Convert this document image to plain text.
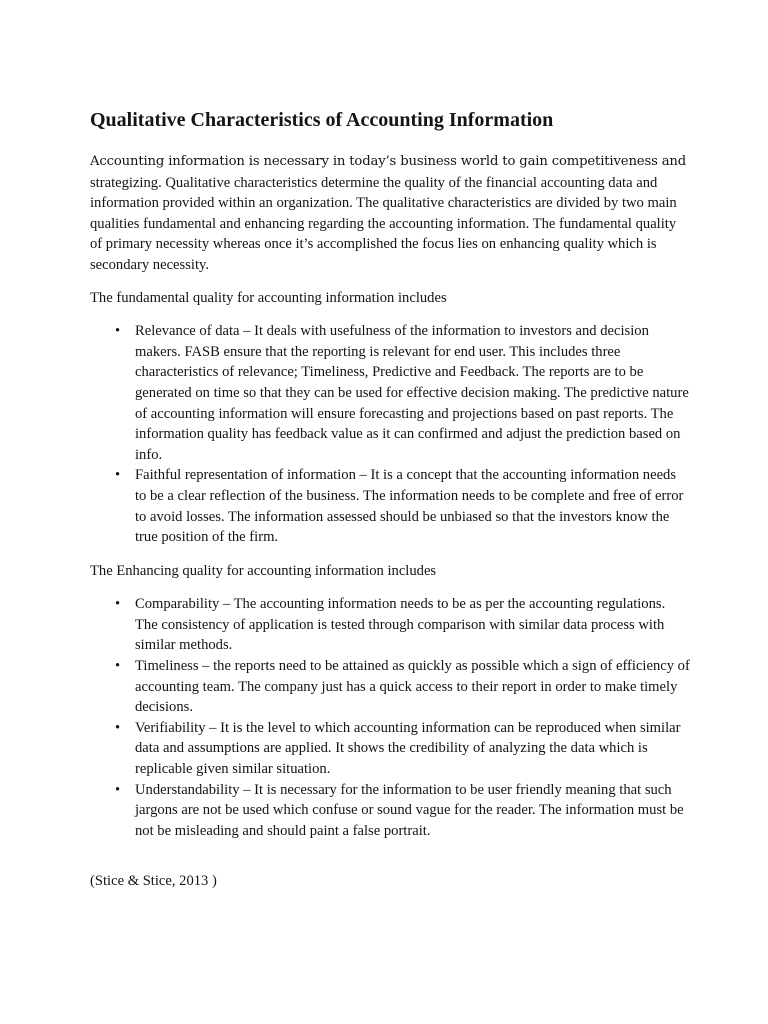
Qualitative Characteristics of Accounting Information

Accounting information is necessary in today’s business world to gain competitiveness and strategizing. Qualitative characteristics determine the quality of the financial accounting data and information provided within an organization. The qualitative characteristics are divided by two main qualities fundamental and enhancing regarding the accounting information. The fundamental quality of primary necessity whereas once it’s accomplished the focus lies on enhancing quality which is secondary necessity.

The fundamental quality for accounting information includes

• Relevance of data – It deals with usefulness of the information to investors and decision makers. FASB ensure that the reporting is relevant for end user. This includes three characteristics of relevance; Timeliness, Predictive and Feedback. The reports are to be generated on time so that they can be used for effective decision making. The predictive nature of accounting information will ensure forecasting and projections based on past reports. The information quality has feedback value as it can confirmed and adjust the prediction based on info.
• Faithful representation of information – It is a concept that the accounting information needs to be a clear reflection of the business. The information needs to be complete and free of error to avoid losses. The information assessed should be unbiased so that the investors know the true position of the firm.

The Enhancing quality for accounting information includes

• Comparability – The accounting information needs to be as per the accounting regulations. The consistency of application is tested through comparison with similar data process with similar methods.
• Timeliness – the reports need to be attained as quickly as possible which a sign of efficiency of accounting team. The company just has a quick access to their report in order to make timely decisions.
• Verifiability – It is the level to which accounting information can be reproduced when similar data and assumptions are applied. It shows the credibility of analyzing the data which is replicable given similar situation.
• Understandability – It is necessary for the information to be user friendly meaning that such jargons are not be used which confuse or sound vague for the reader. The information must be not be misleading and should paint a false portrait.
(Stice & Stice, 2013 )
